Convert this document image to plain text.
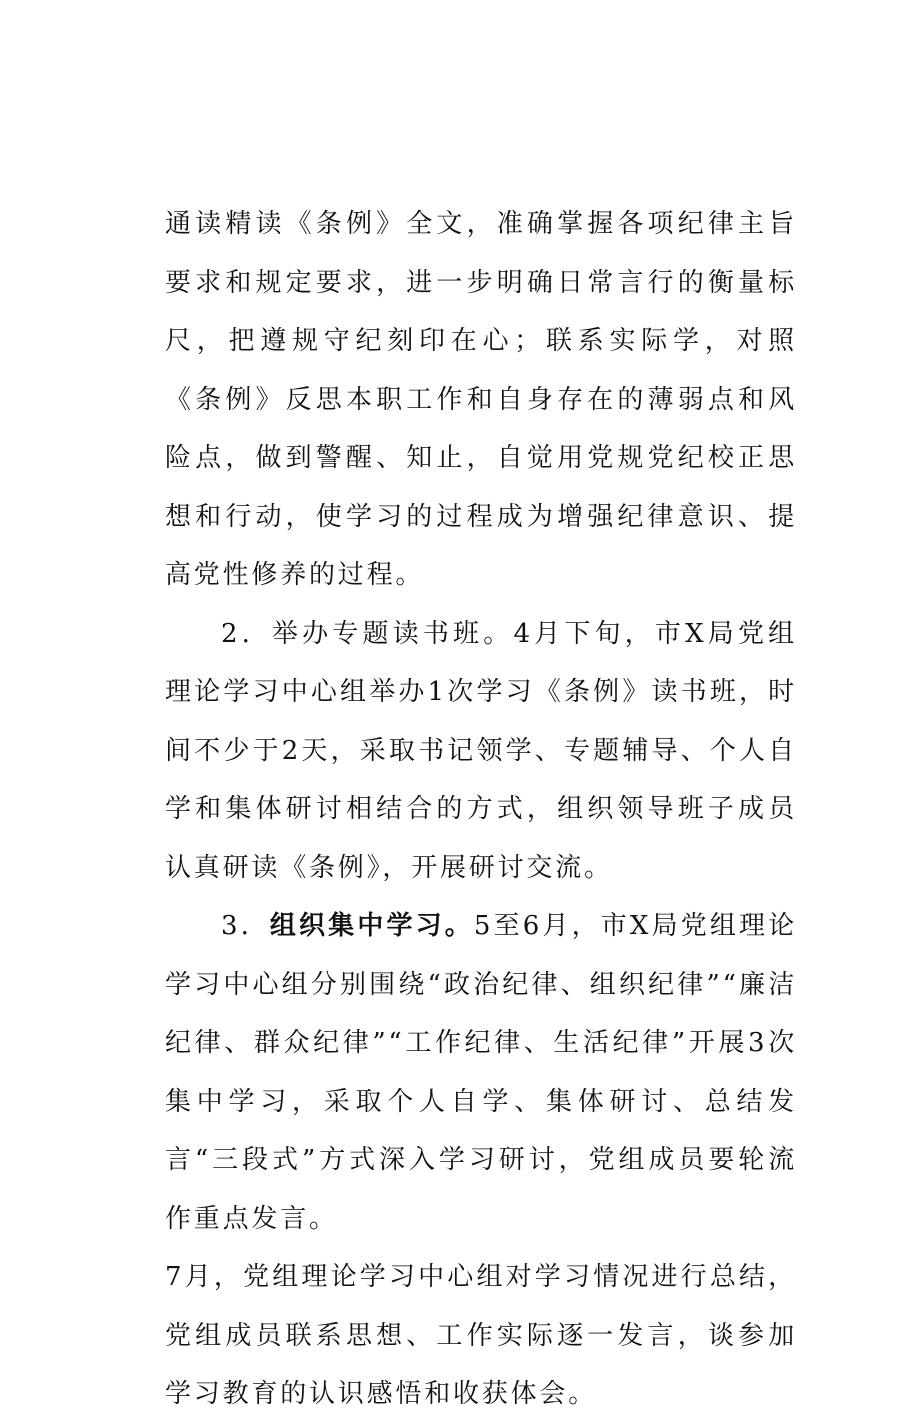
通读精读《条例》全文，准确掌握各项纪律主旨要求和规定要求，进一步明确日常言行的衡量标尺，把遵规守纪刻印在心；联系实际学，对照《条例》反思本职工作和自身存在的薄弱点和风险点，做到警醒、知止，自觉用党规党纪校正思想和行动，使学习的过程成为增强纪律意识、提高党性修养的过程。

2．举办专题读书班。4月下旬，市X局党组理论学习中心组举办1次学习《条例》读书班，时间不少于2天，采取书记领学、专题辅导、个人自学和集体研讨相结合的方式，组织领导班子成员认真研读《条例》，开展研讨交流。

3．组织集中学习。5至6月，市X局党组理论学习中心组分别围绕“政治纪律、组织纪律”“廉洁纪律、群众纪律”“工作纪律、生活纪律”开展3次集中学习，采取个人自学、集体研讨、总结发言“三段式”方式深入学习研讨，党组成员要轮流作重点发言。

7月，党组理论学习中心组对学习情况进行总结，党组成员联系思想、工作实际逐一发言，谈参加学习教育的认识感悟和收获体会。
